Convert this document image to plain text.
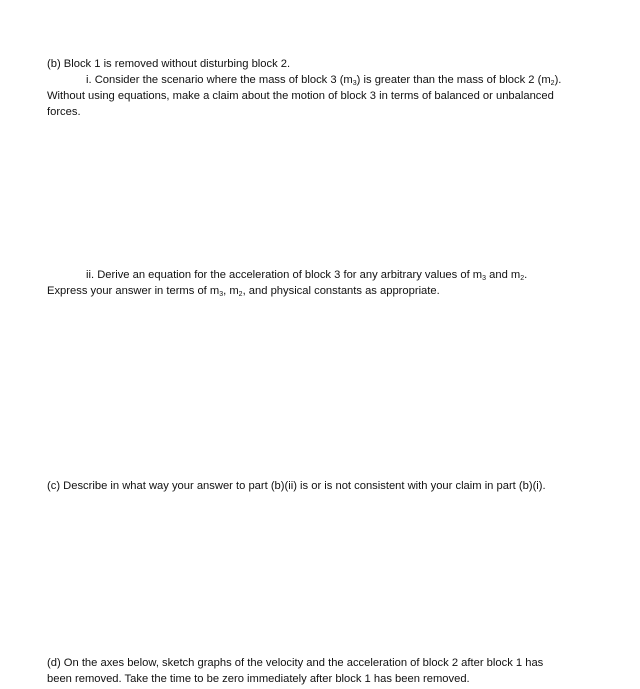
(b) Block 1 is removed without disturbing block 2.
i. Consider the scenario where the mass of block 3 $(m_3)$ is greater than the mass of block 2 $(m_2)$.
Without using equations, make a claim about the motion of block 3 in terms of balanced or unbalanced
forces.
ii. Derive an equation for the acceleration of block 3 for any arbitrary values of $m_3$ and $m_2$.
Express your answer in terms of $m_3$, $m_2$, and physical constants as appropriate.
(c) Describe in what way your answer to part (b)(ii) is or is not consistent with your claim in part (b)(i).
(d) On the axes below, sketch graphs of the velocity and the acceleration of block 2 after block 1 has
been removed. Take the time to be zero immediately after block 1 has been removed.
